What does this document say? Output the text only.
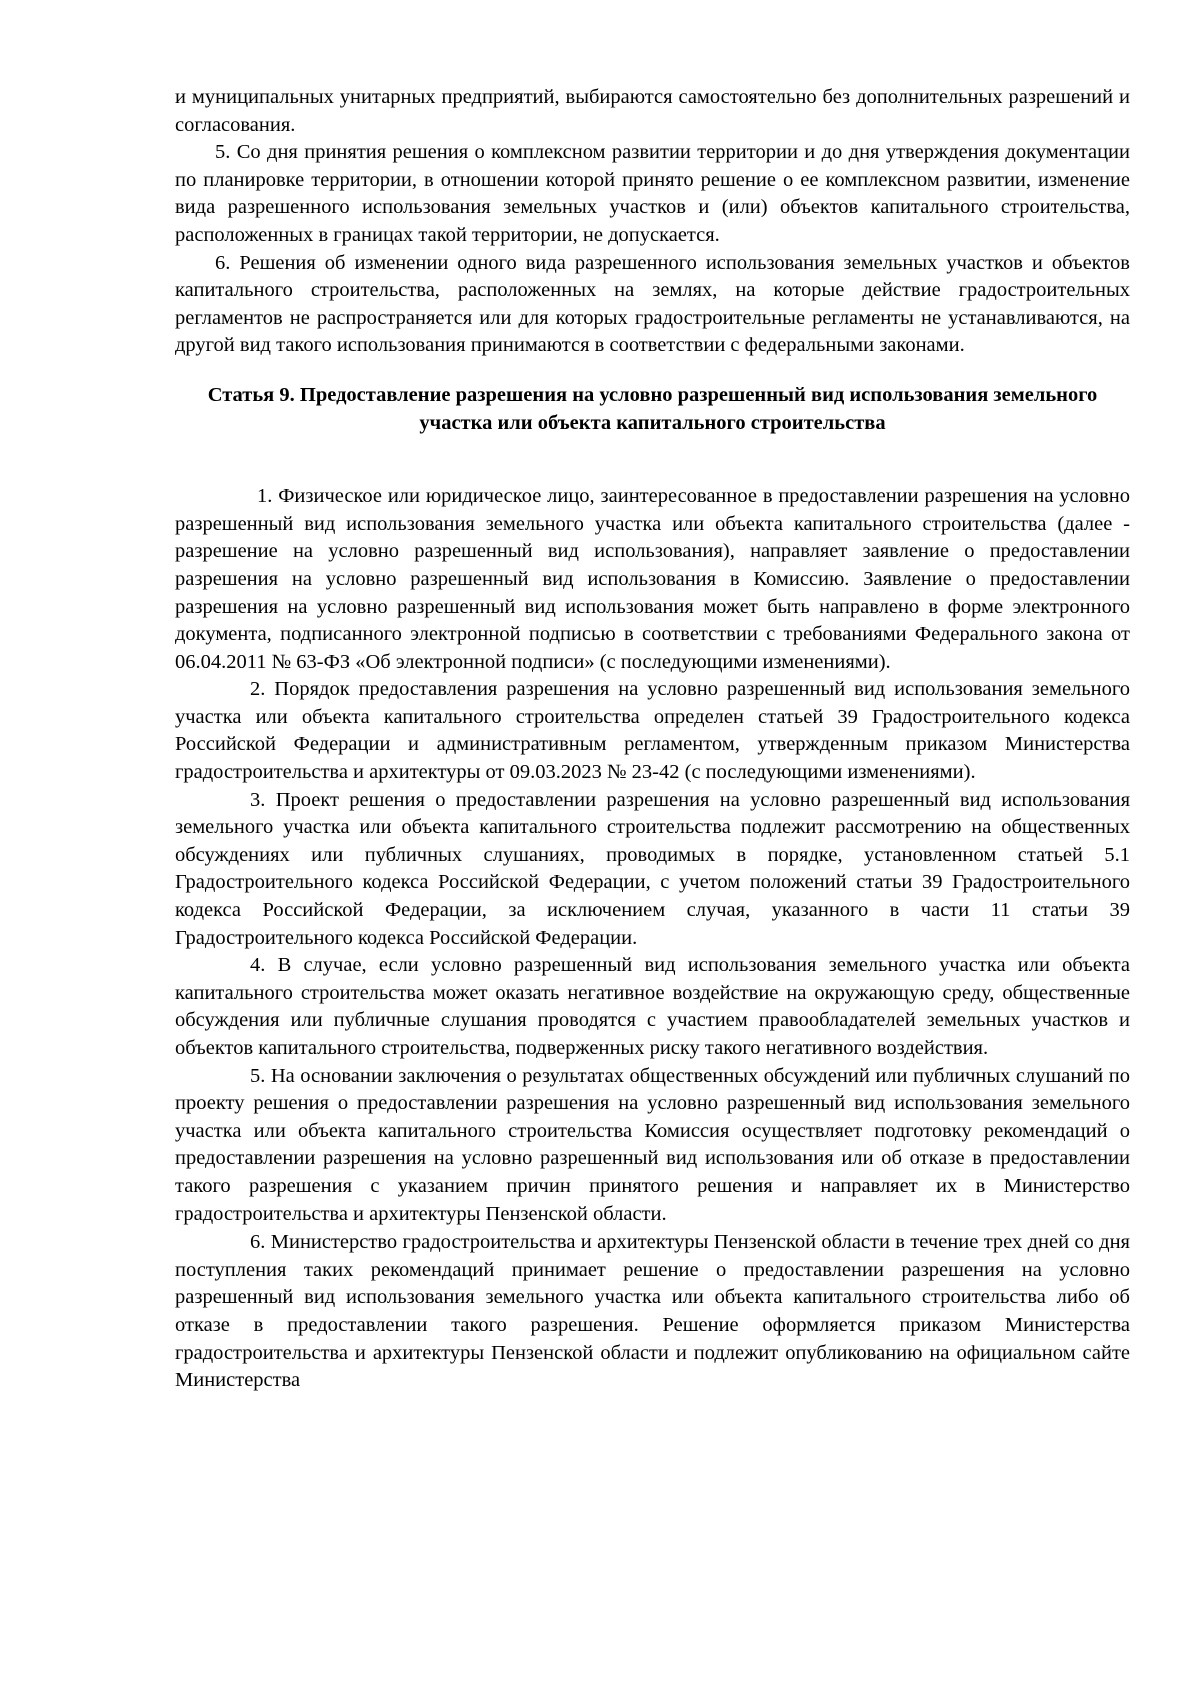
и муниципальных унитарных предприятий, выбираются самостоятельно без дополнительных разрешений и согласования.

5. Со дня принятия решения о комплексном развитии территории и до дня утверждения документации по планировке территории, в отношении которой принято решение о ее комплексном развитии, изменение вида разрешенного использования земельных участков и (или) объектов капитального строительства, расположенных в границах такой территории, не допускается.

6. Решения об изменении одного вида разрешенного использования земельных участков и объектов капитального строительства, расположенных на землях, на которые действие градостроительных регламентов не распространяется или для которых градостроительные регламенты не устанавливаются, на другой вид такого использования принимаются в соответствии с федеральными законами.

Статья 9. Предоставление разрешения на условно разрешенный вид использования земельного участка или объекта капитального строительства

1. Физическое или юридическое лицо, заинтересованное в предоставлении разрешения на условно разрешенный вид использования земельного участка или объекта капитального строительства (далее - разрешение на условно разрешенный вид использования), направляет заявление о предоставлении разрешения на условно разрешенный вид использования в Комиссию. Заявление о предоставлении разрешения на условно разрешенный вид использования может быть направлено в форме электронного документа, подписанного электронной подписью в соответствии с требованиями Федерального закона от 06.04.2011 № 63-ФЗ «Об электронной подписи» (с последующими изменениями).

2. Порядок предоставления разрешения на условно разрешенный вид использования земельного участка или объекта капитального строительства определен статьей 39 Градостроительного кодекса Российской Федерации и административным регламентом, утвержденным приказом Министерства градостроительства и архитектуры от 09.03.2023 № 23-42 (с последующими изменениями).

3. Проект решения о предоставлении разрешения на условно разрешенный вид использования земельного участка или объекта капитального строительства подлежит рассмотрению на общественных обсуждениях или публичных слушаниях, проводимых в порядке, установленном статьей 5.1 Градостроительного кодекса Российской Федерации, с учетом положений статьи 39 Градостроительного кодекса Российской Федерации, за исключением случая, указанного в части 11 статьи 39 Градостроительного кодекса Российской Федерации.

4. В случае, если условно разрешенный вид использования земельного участка или объекта капитального строительства может оказать негативное воздействие на окружающую среду, общественные обсуждения или публичные слушания проводятся с участием правообладателей земельных участков и объектов капитального строительства, подверженных риску такого негативного воздействия.

5. На основании заключения о результатах общественных обсуждений или публичных слушаний по проекту решения о предоставлении разрешения на условно разрешенный вид использования земельного участка или объекта капитального строительства Комиссия осуществляет подготовку рекомендаций о предоставлении разрешения на условно разрешенный вид использования или об отказе в предоставлении такого разрешения с указанием причин принятого решения и направляет их в Министерство градостроительства и архитектуры Пензенской области.

6. Министерство градостроительства и архитектуры Пензенской области в течение трех дней со дня поступления таких рекомендаций принимает решение о предоставлении разрешения на условно разрешенный вид использования земельного участка или объекта капитального строительства либо об отказе в предоставлении такого разрешения. Решение оформляется приказом Министерства градостроительства и архитектуры Пензенской области и подлежит опубликованию на официальном сайте Министерства
